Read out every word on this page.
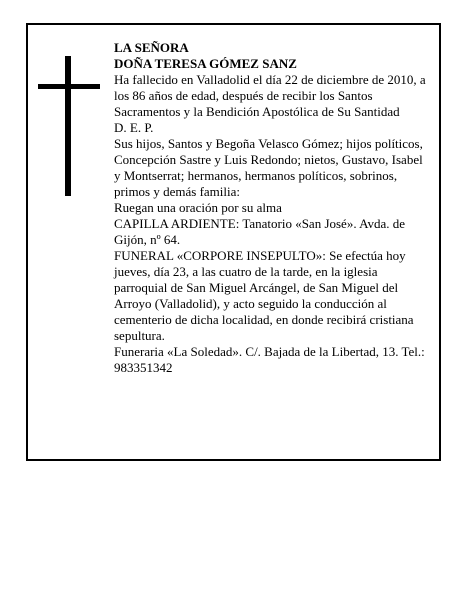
LA SEÑORA

DOÑA TERESA GÓMEZ SANZ

Ha fallecido en Valladolid el día 22 de diciembre de 2010, a los 86 años de edad, después de recibir los Santos Sacramentos y la Bendición Apostólica de Su Santidad

D. E. P.

Sus hijos, Santos y Begoña Velasco Gómez; hijos políticos, Concepción Sastre y Luis Redondo; nietos, Gustavo, Isabel y Montserrat; hermanos, hermanos políticos, sobrinos, primos y demás familia:

Ruegan una oración por su alma

CAPILLA ARDIENTE: Tanatorio «San José». Avda. de Gijón, nº 64.

FUNERAL «CORPORE INSEPULTO»: Se efectúa hoy jueves, día 23, a las cuatro de la tarde, en la iglesia parroquial de San Miguel Arcángel, de San Miguel del Arroyo (Valladolid), y acto seguido la conducción al cementerio de dicha localidad, en donde recibirá cristiana sepultura.

Funeraria «La Soledad». C/. Bajada de la Libertad, 13. Tel.: 983351342
